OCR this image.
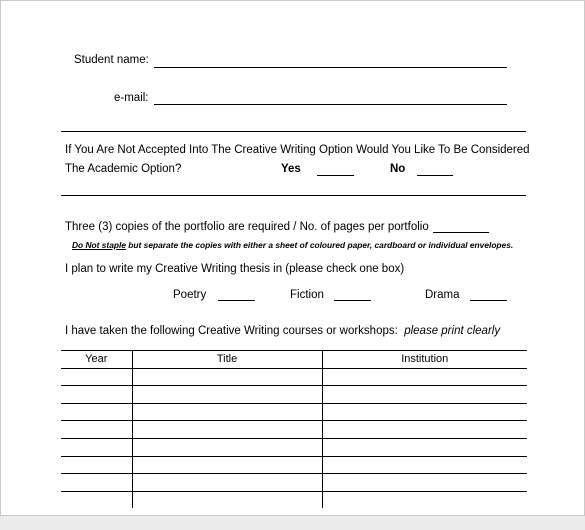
Student name:
e-mail:
If You Are Not Accepted Into The Creative Writing Option Would You Like To Be Considered
The Academic Option?	Yes	No
Three (3) copies of the portfolio are required / No. of pages per portfolio
Do Not staple but separate the copies with either a sheet of coloured paper, cardboard or individual envelopes.
I plan to write my Creative Writing thesis in (please check one box)
Poetry	Fiction	Drama
I have taken the following Creative Writing courses or workshops: please print clearly
Year	Title	Institution
